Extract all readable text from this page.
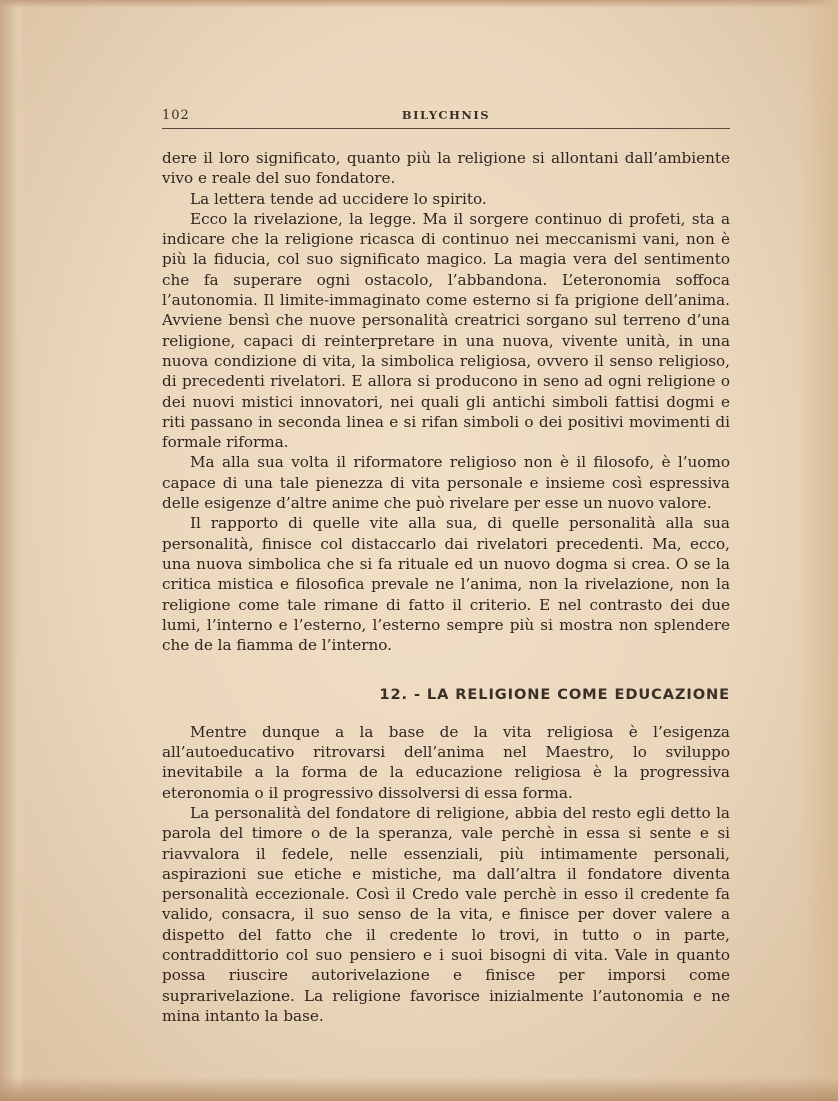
102	BILYCHNIS

dere il loro significato, quanto più la religione si allontani dall’ambiente vivo e reale del suo fondatore.

La lettera tende ad uccidere lo spirito.

Ecco la rivelazione, la legge. Ma il sorgere continuo di profeti, sta a indicare che la religione ricasca di continuo nei meccanismi vani, non è più la fiducia, col suo significato magico. La magia vera del sentimento che fa superare ogni ostacolo, l’abbandona. L’eteronomia soffoca l’autonomia. Il limite-immaginato come esterno si fa prigione dell’anima. Avviene bensì che nuove personalità creatrici sorgano sul terreno d’una religione, capaci di reinterpretare in una nuova, vivente unità, in una nuova condizione di vita, la simbolica religiosa, ovvero il senso religioso, di precedenti rivelatori. E allora si producono in seno ad ogni religione o dei nuovi mistici innovatori, nei quali gli antichi simboli fattisi dogmi e riti passano in seconda linea e si rifan simboli o dei positivi movimenti di formale riforma.

Ma alla sua volta il riformatore religioso non è il filosofo, è l’uomo capace di una tale pienezza di vita personale e insieme così espressiva delle esigenze d’altre anime che può rivelare per esse un nuovo valore.

Il rapporto di quelle vite alla sua, di quelle personalità alla sua personalità, finisce col distaccarlo dai rivelatori precedenti. Ma, ecco, una nuova simbolica che si fa rituale ed un nuovo dogma si crea. O se la critica mistica e filosofica prevale ne l’anima, non la rivelazione, non la religione come tale rimane di fatto il criterio. E nel contrasto dei due lumi, l’interno e l’esterno, l’esterno sempre più si mostra non splendere che de la fiamma de l’interno.

12. - LA RELIGIONE COME EDUCAZIONE

Mentre dunque a la base de la vita religiosa è l’esigenza all’autoeducativo ritrovarsi dell’anima nel Maestro, lo sviluppo inevitabile a la forma de la educazione religiosa è la progressiva eteronomia o il progressivo dissolversi di essa forma.

La personalità del fondatore di religione, abbia del resto egli detto la parola del timore o de la speranza, vale perchè in essa si sente e si riavvalora il fedele, nelle essenziali, più intimamente personali, aspirazioni sue etiche e mistiche, ma dall’altra il fondatore diventa personalità eccezionale. Così il Credo vale perchè in esso il credente fa valido, consacra, il suo senso de la vita, e finisce per dover valere a dispetto del fatto che il credente lo trovi, in tutto o in parte, contraddittorio col suo pensiero e i suoi bisogni di vita. Vale in quanto possa riuscire autorivelazione e finisce per imporsi come suprarivelazione. La religione favorisce inizialmente l’autonomia e ne mina intanto la base.
